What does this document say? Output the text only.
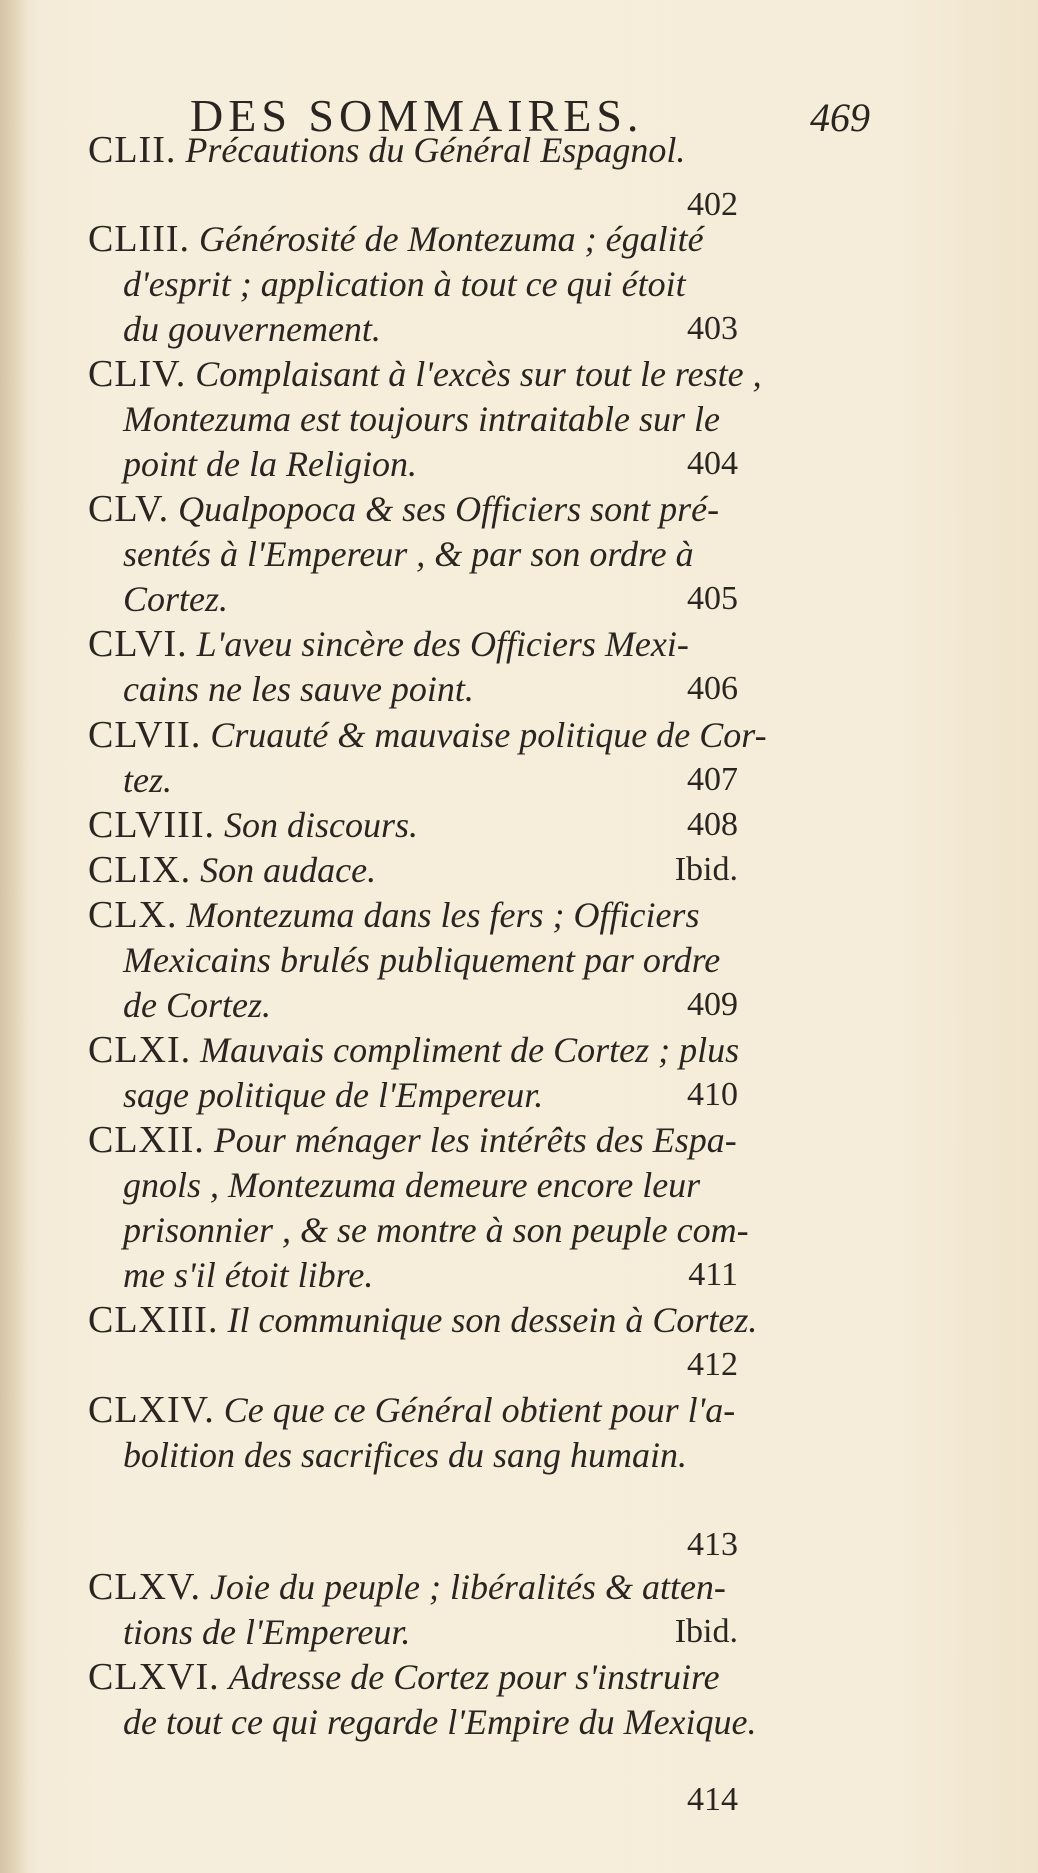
DES SOMMAIRES.	469
CLII. Précautions du Général Espagnol.
402
CLIII. Générosité de Montezuma ; égalité
d'esprit ; application à tout ce qui étoit
du gouvernement.	403
CLIV. Complaisant à l'excès sur tout le reste ,
Montezuma est toujours intraitable sur le
point de la Religion.	404
CLV. Qualpopoca & ses Officiers sont pré-
sentés à l'Empereur , & par son ordre à
Cortez.	405
CLVI. L'aveu sincère des Officiers Mexi-
cains ne les sauve point.	406
CLVII. Cruauté & mauvaise politique de Cor-
tez.	407
CLVIII. Son discours.	408
CLIX. Son audace.	Ibid.
CLX. Montezuma dans les fers ; Officiers
Mexicains brulés publiquement par ordre
de Cortez.	409
CLXI. Mauvais compliment de Cortez ; plus
sage politique de l'Empereur.	410
CLXII. Pour ménager les intérêts des Espa-
gnols , Montezuma demeure encore leur
prisonnier , & se montre à son peuple com-
me s'il étoit libre.	411
CLXIII. Il communique son dessein à Cortez.
412
CLXIV. Ce que ce Général obtient pour l'a-
bolition des sacrifices du sang humain.
413
CLXV. Joie du peuple ; libéralités & atten-
tions de l'Empereur.	Ibid.
CLXVI. Adresse de Cortez pour s'instruire
de tout ce qui regarde l'Empire du Mexique.
414
